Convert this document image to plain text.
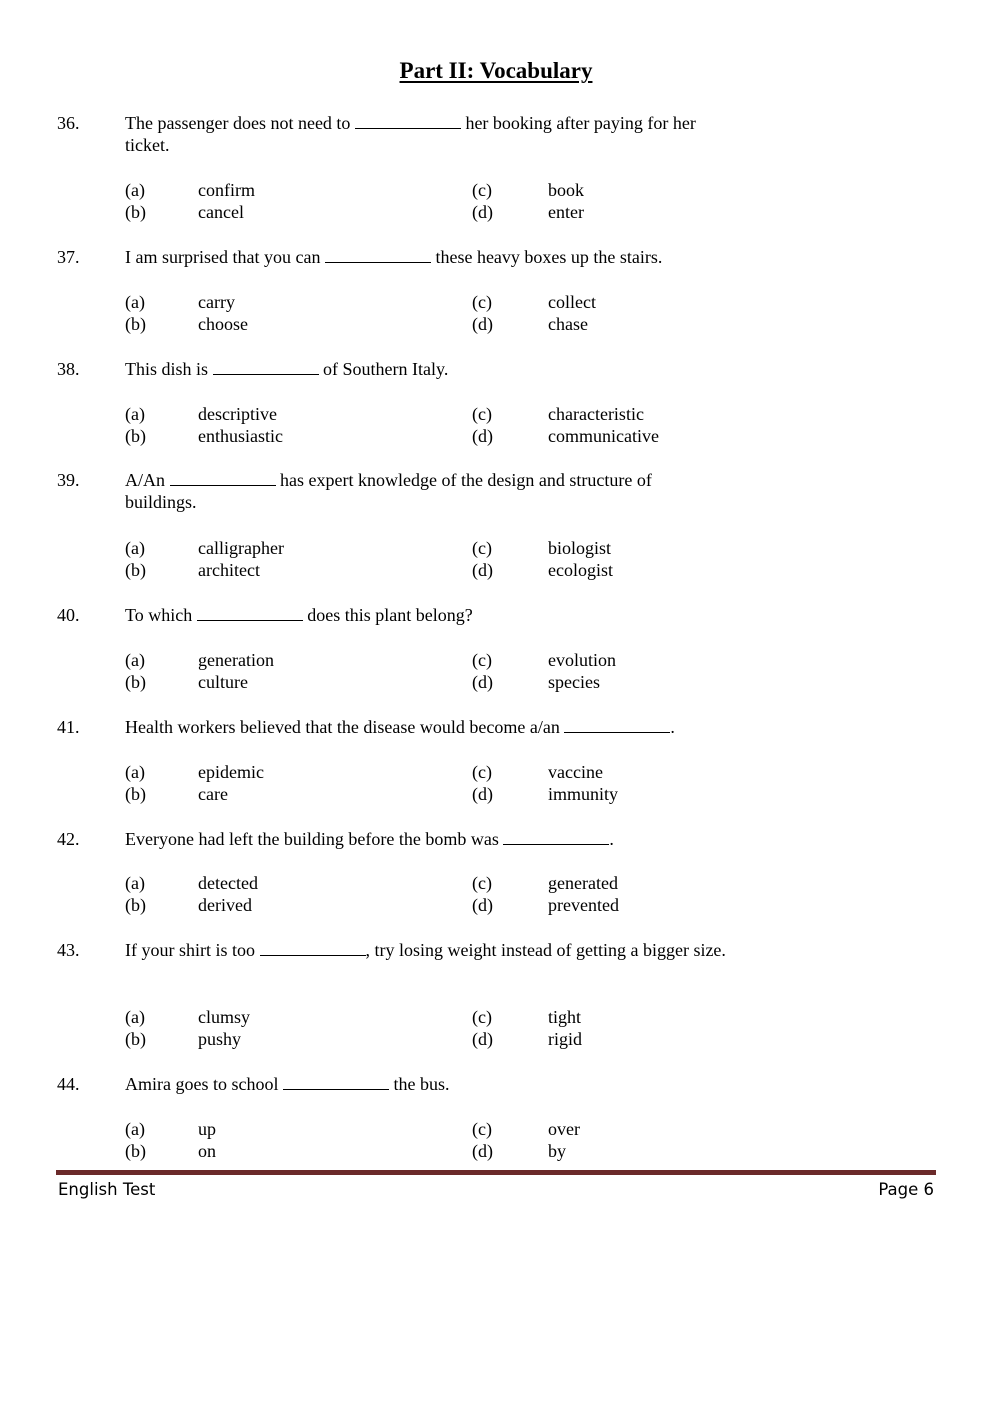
Part II: Vocabulary
36.	The passenger does not need to	her booking after paying for her ticket.
(a)	confirm
(b)	cancel
(c)	book
(d)	enter
37.	I am surprised that you can	these heavy boxes up the stairs.
(a)	carry
(b)	choose
(c)	collect
(d)	chase
38.	This dish is	of Southern Italy.
(a)	descriptive
(b)	enthusiastic
(c)	characteristic
(d)	communicative
39.	A/An	has expert knowledge of the design and structure of buildings.
(a)	calligrapher
(b)	architect
(c)	biologist
(d)	ecologist
40.	To which	does this plant belong?
(a)	generation
(b)	culture
(c)	evolution
(d)	species
41.	Health workers believed that the disease would become a/an	.
(a)	epidemic
(b)	care
(c)	vaccine
(d)	immunity
42.	Everyone had left the building before the bomb was	.
(a)	detected
(b)	derived
(c)	generated
(d)	prevented
43.	If your shirt is too	, try losing weight instead of getting a bigger size.
(a)	clumsy
(b)	pushy
(c)	tight
(d)	rigid
44.	Amira goes to school	the bus.
(a)	up
(b)	on
(c)	over
(d)	by
English Test	Page 6
